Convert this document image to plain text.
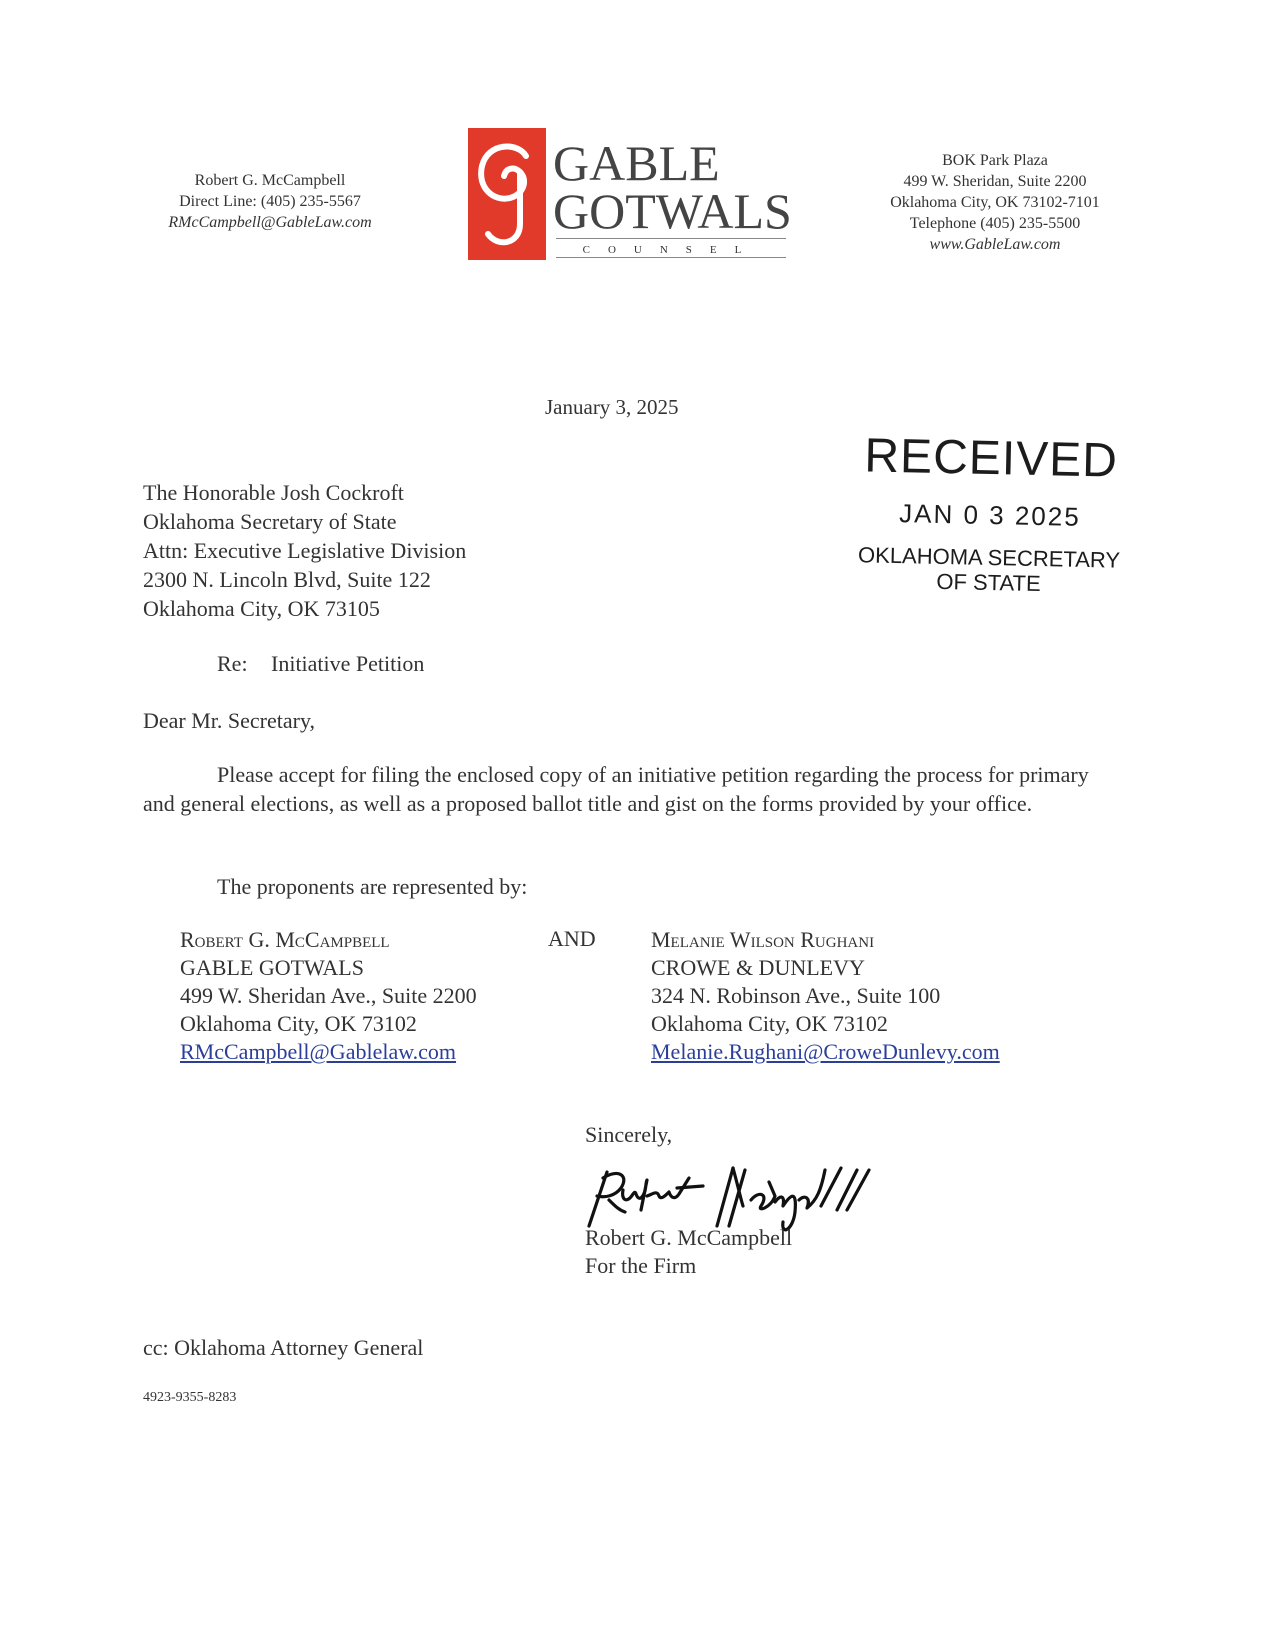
Robert G. McCampbell
Direct Line: (405) 235-5567
RMcCampbell@GableLaw.com
GABLE
GOTWALS
COUNSEL
BOK Park Plaza
499 W. Sheridan, Suite 2200
Oklahoma City, OK 73102-7101
Telephone (405) 235-5500
www.GableLaw.com
January 3, 2025
RECEIVED
JAN 0 3 2025
OKLAHOMA SECRETARY
OF STATE
The Honorable Josh Cockroft
Oklahoma Secretary of State
Attn: Executive Legislative Division
2300 N. Lincoln Blvd, Suite 122
Oklahoma City, OK 73105
Re: Initiative Petition
Dear Mr. Secretary,
Please accept for filing the enclosed copy of an initiative petition regarding the process for primary and general elections, as well as a proposed ballot title and gist on the forms provided by your office.
The proponents are represented by:
Robert G. McCampbell
GABLE GOTWALS
499 W. Sheridan Ave., Suite 2200
Oklahoma City, OK 73102
RMcCampbell@Gablelaw.com
AND	Melanie Wilson Rughani
CROWE & DUNLEVY
324 N. Robinson Ave., Suite 100
Oklahoma City, OK 73102
Melanie.Rughani@CroweDunlevy.com
Sincerely,
Robert G. McCampbell
For the Firm
cc: Oklahoma Attorney General
4923-9355-8283
